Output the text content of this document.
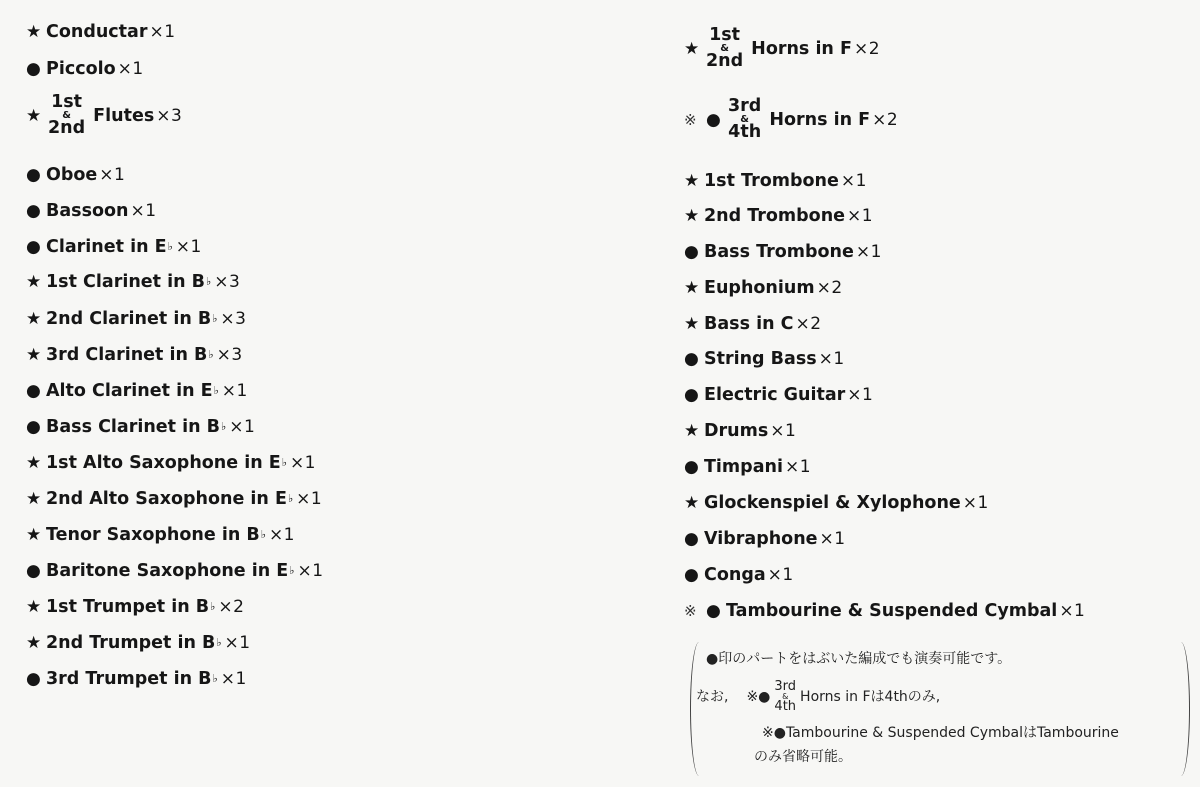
★ Conductar ×1
● Piccolo ×1
★
1st
&
2nd
Flutes ×3
● Oboe ×1
● Bassoon ×1
● Clarinet in E ♭ ×1
★ 1st Clarinet in B ♭ ×3
★ 2nd Clarinet in B ♭ ×3
★ 3rd Clarinet in B ♭ ×3
● Alto Clarinet in E ♭ ×1
● Bass Clarinet in B ♭ ×1
★ 1st Alto Saxophone in E ♭ ×1
★ 2nd Alto Saxophone in E ♭ ×1
★ Tenor Saxophone in B ♭ ×1
● Baritone Saxophone in E ♭ ×1
★ 1st Trumpet in B ♭ ×2
★ 2nd Trumpet in B ♭ ×1
● 3rd Trumpet in B ♭ ×1
★
1st
&
2nd
Horns in F ×2
※ ●
3rd
&
4th
Horns in F ×2
★ 1st Trombone ×1
★ 2nd Trombone ×1
● Bass Trombone ×1
★ Euphonium ×2
★ Bass in C ×2
● String Bass ×1
● Electric Guitar ×1
★ Drums ×1
● Timpani ×1
★ Glockenspiel & Xylophone ×1
● Vibraphone ×1
● Conga ×1
※ ● Tambourine & Suspended Cymbal ×1
●印のパートをはぶいた編成でも演奏可能です。
なお, ※●
3rd
&
4th
Horns in Fは4thのみ,
※●Tambourine & Suspended CymbalはTambourine
のみ省略可能。
